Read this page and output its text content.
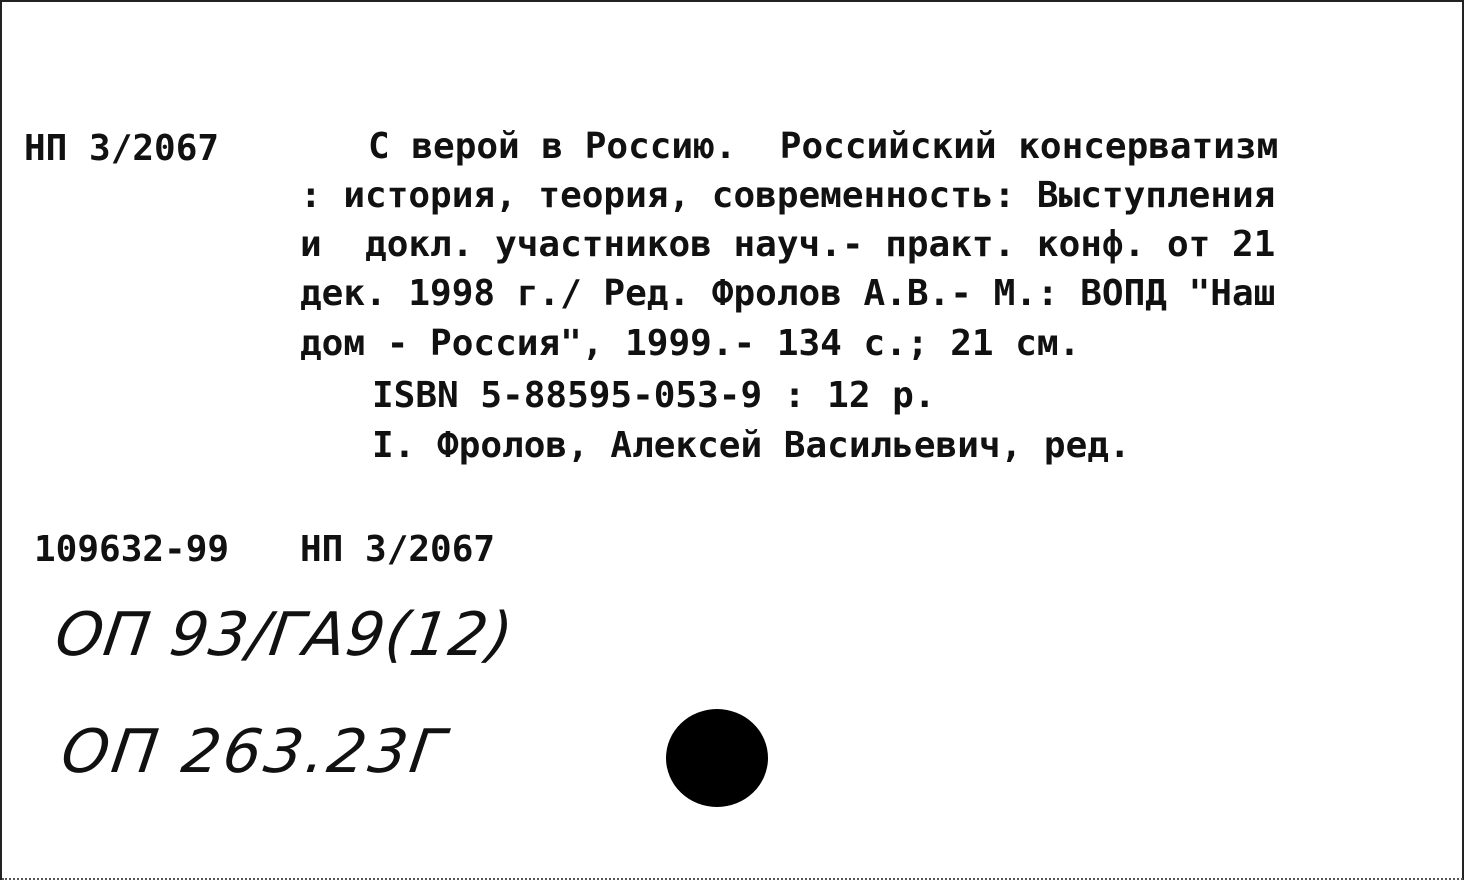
НП 3/2067	С верой в Россию.  Российский консерватизм
: история, теория, современность: Выступления
и  докл. участников науч.- практ. конф. от 21
дек. 1998 г./ Ред. Фролов А.В.- М.: ВОПД "Наш
дом - Россия", 1999.- 134 с.; 21 см.
ISBN 5-88595-053-9 : 12 р.
I. Фролов, Алексей Васильевич, ред.
109632-99 НП 3/2067
ОП 93/ГА9(12)
ОП 263.23Г
